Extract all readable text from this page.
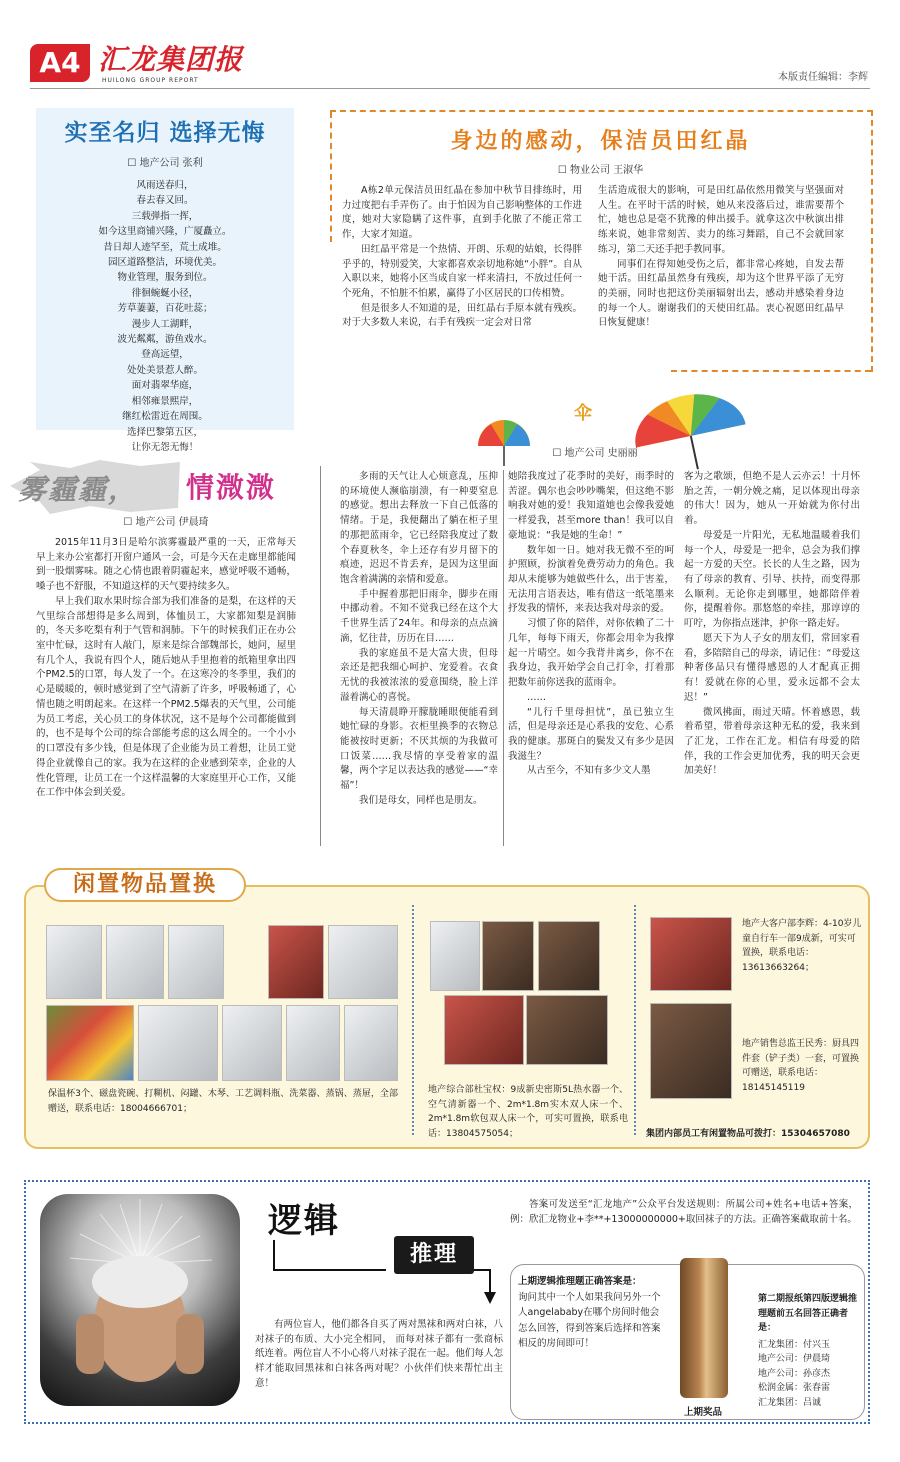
A4 汇龙集团报
HUILONG GROUP REPORT	本版责任编辑：李辉
实至名归 选择无悔
☐ 地产公司 张利
风雨送春归，
春去春又回。
三载弹指一挥，
如今这里商铺兴隆，广厦矗立。
昔日却人迹罕至，荒土成堆。
园区道路整洁，环境优美。
物业管理，服务到位。
徘徊蜿蜒小径，
芳草萋萋，百花吐蕊；
漫步人工湖畔，
波光粼粼，游鱼戏水。
登高远望，
处处美景惹人醉。
面对翡翠华庭，
相邻雍景熙岸，
继红松雷近在周围。
选择巴黎第五区，
让你无怨无悔！
身边的感动，保洁员田红晶
☐ 物业公司 王淑华

A栋2单元保洁员田红晶在参加中秋节目排练时，用力过度把右手弄伤了。由于怕因为自己影响整体的工作进度，她对大家隐瞒了这件事，直到手化脓了不能正常工作，大家才知道。

田红晶平常是一个热情、开朗、乐观的姑娘，长得胖乎乎的，特别爱笑，大家都喜欢亲切地称她“小胖”。自从入职以来，她将小区当成自家一样来清扫，不放过任何一个死角，不怕脏不怕累，赢得了小区居民的口传相赞。

但是很多人不知道的是，田红晶右手原本就有残疾。对于大多数人来说，右手有残疾一定会对日常

生活造成很大的影响，可是田红晶依然用微笑与坚强面对人生。在平时干活的时候，她从来没落后过，谁需要帮个忙，她也总是毫不犹豫的伸出援手。就拿这次中秋演出排练来说，她非常刻苦、卖力的练习舞蹈，自己不会就回家练习，第二天还手把手教同事。

同事们在得知她受伤之后，都非常心疼她，自发去帮她干活。田红晶虽然身有残疾，却为这个世界平添了无穷的美丽，同时也把这份美丽辐射出去，感动并感染着身边的每一个人。谢谢我们的天使田红晶。衷心祝愿田红晶早日恢复健康！

雾霾霾， 情溦溦
☐ 地产公司 伊晨琦

2015年11月3日是哈尔滨雾霾最严重的一天，正常每天早上来办公室都打开窗户通风一会，可是今天在走廊里都能闻到一股烟雾味。随之心情也跟着阴霾起来，感觉呼吸不通畅，嗓子也不舒服，不知道这样的天气要持续多久。

早上我们取水果时综合部为我们准备的是梨，在这样的天气里综合部想得是多么周到，体恤员工，大家都知梨是润肺的，冬天多吃梨有利于气管和润肺。下午的时候我们正在办公室中忙碌，这时有人敲门，原来是综合部魏部长，她问，屋里有几个人，我说有四个人，随后她从手里抱着的纸箱里拿出四个PM2.5的口罩，每人发了一个。在这寒冷的冬季里，我们的心是暖暖的，顿时感觉到了空气清新了许多，呼吸畅通了，心情也随之明朗起来。在这样一个PM2.5爆表的天气里，公司能为员工考虑，关心员工的身体状况，这不是每个公司都能做到的，也不是每个公司的综合部能考虑的这么周全的。一个小小的口罩没有多少钱，但是体现了企业能为员工着想，让员工觉得企业就像自己的家。我为在这样的企业感到荣幸，企业的人性化管理，让员工在一个这样温馨的大家庭里开心工作，又能在工作中体会到关爱。

伞
☐ 地产公司 史丽丽

多雨的天气让人心烦意乱，压抑的环境使人濒临崩溃，有一种要窒息的感觉。想出去释放一下自己低落的情绪。于是，我便翻出了躺在柜子里的那把蓝雨伞，它已经陪我度过了数个春夏秋冬，伞上还存有岁月留下的痕迹，迟迟不肯丢弃，是因为这里面饱含着满满的亲情和爱意。

手中握着那把旧雨伞，脚步在雨中挪动着。不知不觉我已经在这个大千世界生活了24年。和母亲的点点滴滴，忆往昔，历历在目……

我的家庭虽不是大富大贵，但母亲还是把我细心呵护、宠爱着。衣食无忧的我被浓浓的爱意围绕，脸上洋溢着满心的喜悦。

每天清晨睁开朦胧睡眼便能看到她忙碌的身影。衣柜里换季的衣物总能被按时更新；不厌其烦的为我做可口饭菜……我尽情的享受着家的温馨，两个字足以表达我的感觉——“幸福”！

我们是母女，同样也是朋友。

她陪我度过了花季时的美好，雨季时的苦涩。偶尔也会吵吵嘴架，但这绝不影响我对她的爱！我知道她也会像我爱她一样爱我，甚至more than！我可以自豪地说：“我是她的生命！”

数年如一日。她对我无微不至的呵护照顾，扮演着免费劳动力的角色。我却从未能够为她做些什么，出于害羞，无法用言语表达，唯有借这一纸笔墨来抒发我的情怀，来表达我对母亲的爱。

习惯了你的陪伴，对你依赖了二十几年，每每下雨天，你都会用伞为我撑起一片晴空。如今我背井离乡，你不在我身边，我开始学会自己打伞，打着那把数年前你送我的蓝雨伞。

……

“儿行千里母担忧”，虽已独立生活，但是母亲还是心系我的安危、心系我的健康。那斑白的鬓发又有多少是因我滋生？

从古至今，不知有多少文人墨

客为之歌颂，但绝不是人云亦云！十月怀胎之苦，一朝分娩之痛，足以体现出母亲的伟大！因为，她从一开始就为你付出着。

母爱是一片阳光，无私地温暖着我们每一个人，母爱是一把伞，总会为我们撑起一方爱的天空。长长的人生之路，因为有了母亲的教育、引导、扶持，而变得那么顺利。无论你走到哪里，她都陪伴着你，提醒着你。那悠悠的牵挂，那谆谆的叮咛，为你指点迷津，护你一路走好。

愿天下为人子女的朋友们，常回家看看，多陪陪自己的母亲，请记住：“母爱这种奢侈品只有懂得感恩的人才配真正拥有！爱就在你的心里，爱永远都不会太迟！”

微风拂面，雨过天晴。怀着感恩，载着希望，带着母亲这种无私的爱，我来到了汇龙，工作在汇龙。相信有母爱的陪伴，我的工作会更加优秀，我的明天会更加美好！

保温杯3个、磁盘瓷碗、打糊机、闷罐、木琴、工艺调料瓶、洗菜器、蒸锅、蒸屉，全部赠送，联系电话：18004666701；
地产综合部杜宝权：9成新史密斯5L热水器一个、空气清新器一个、2m*1.8m实木双人床一个、2m*1.8m软包双人床一个，可实可置换，联系电话：13804575054；
地产大客户部李辉：4-10岁儿童自行车一部9成新，可实可置换，联系电话：13613663264；
地产销售总监王民秀：厨具四件套（铲子类）一套，可置换可赠送，联系电话：18145145119
集团内部员工有闲置物品可拨打：15304657080
闲置物品置换
逻辑
推理

有两位盲人，他们都各自买了两对黑袜和两对白袜，八对袜子的布质、大小完全相同， 而每对袜子都有一张商标纸连着。两位盲人不小心将八对袜子混在一起。他们每人怎样才能取回黑袜和白袜各两对呢？小伙伴们快来帮忙出主意！

答案可发送至“汇龙地产”公众平台发送规则：所属公司+姓名+电话+答案，例：欣汇龙物业+李**+13000000000+取回袜子的方法。正确答案截取前十名。

上期逻辑推理题正确答案是：
询问其中一个人如果我问另外一个人angelababy在哪个房间时他会怎么回答，得到答案后选择和答案相反的房间即可！
上期奖品
第二期报纸第四版逻辑推理题前五名回答正确者是：
汇龙集团：付兴玉
地产公司：伊晨琦
地产公司：孙彦杰
松润金属：张春雷
汇龙集团：吕诚
